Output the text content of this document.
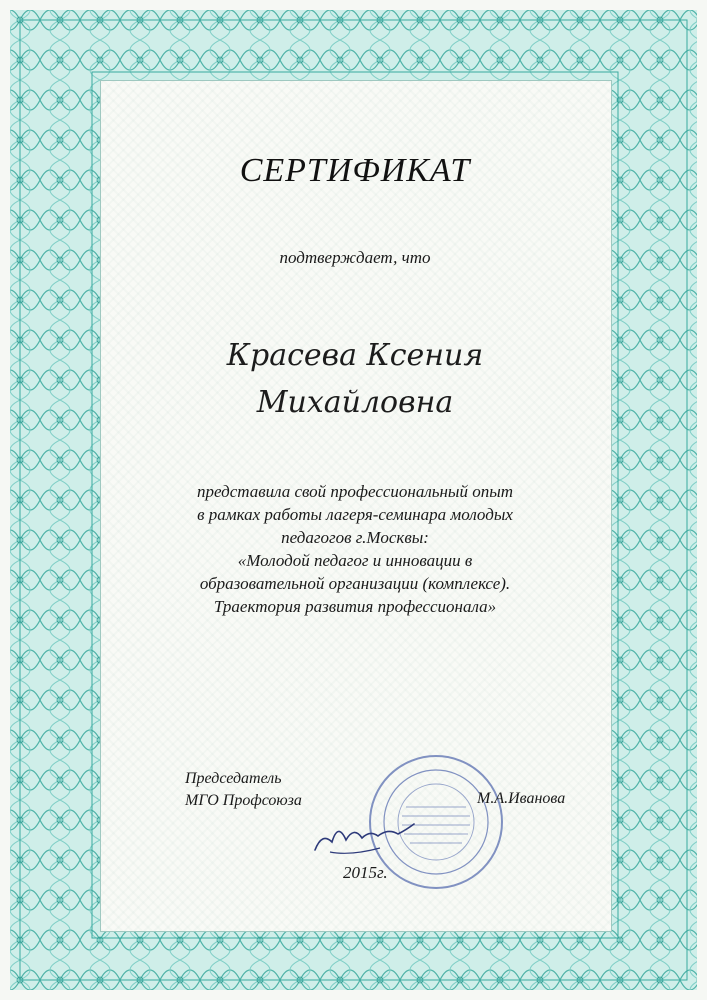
СЕРТИФИКАТ
подтверждает, что
Красева Ксения
Михайловна
представила свой профессиональный опыт
в рамках работы лагеря-семинара молодых
педагогов г.Москвы:
«Молодой педагог и инновации в
образовательной организации (комплексе).
Траектория развития профессионала»
Председатель
МГО Профсоюза	М.А.Иванова
2015г.
